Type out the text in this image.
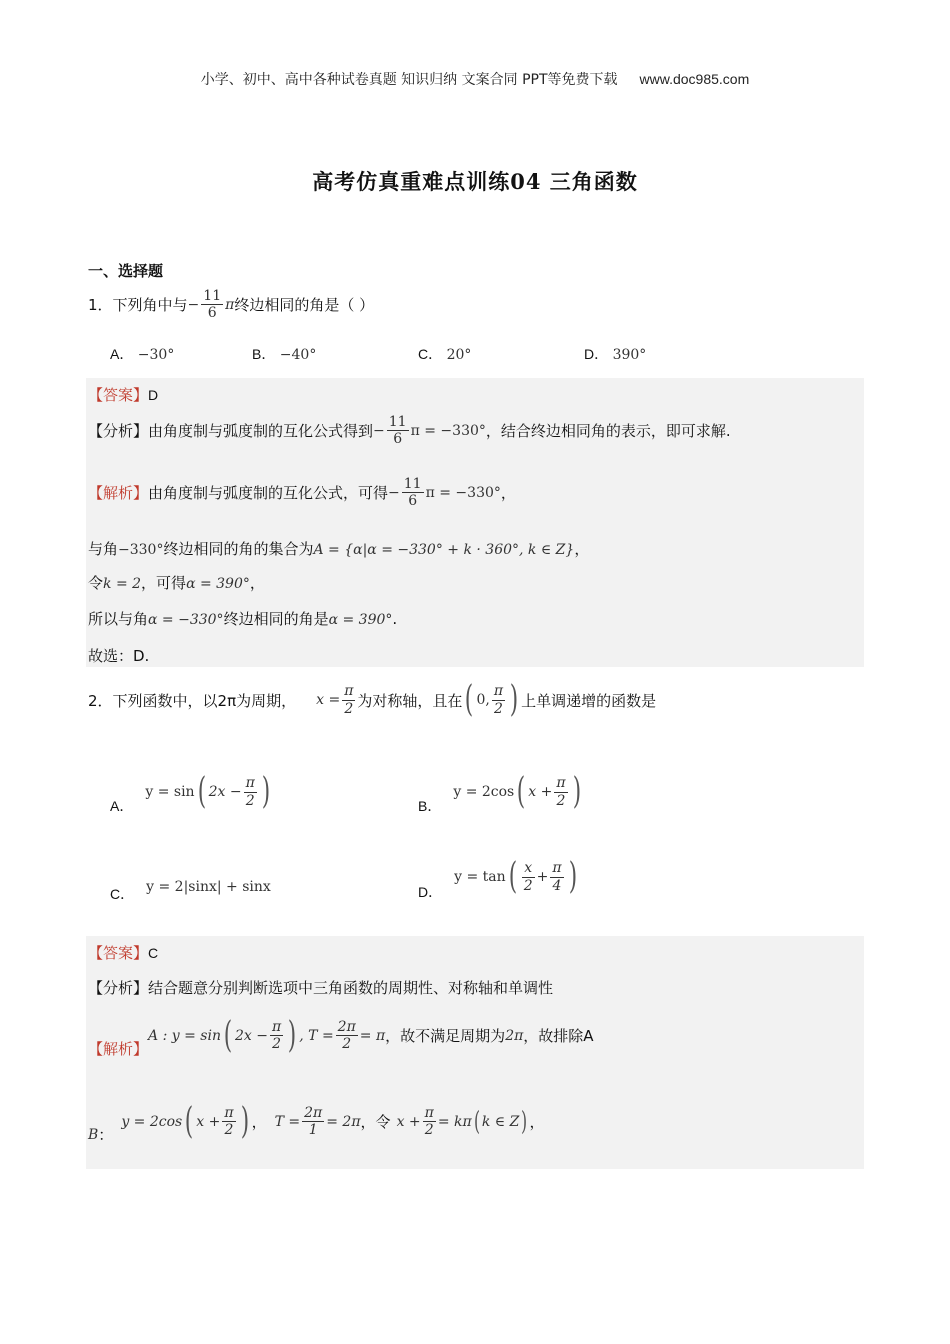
小学、初中、高中各种试卷真题 知识归纳 文案合同 PPT等免费下载 www.doc985.com
高考仿真重难点训练04 三角函数
一、选择题
1．下列角中与 − $\frac{11}{6}$ π 终边相同的角是（ ）
A． −30°	B． −40°	C． 20°	D． 390°
【答案】D
【分析】 由角度制与弧度制的互化公式得到 − $\frac{11}{6}$ π = −330° ，结合终边相同角的表示，即可求解.
【解析】 由角度制与弧度制的互化公式，可得 − $\frac{11}{6}$ π = −330° ，
与角−330°终边相同的角的集合为A = {α|α = −330° + k · 360°, k ∈ Z}，
令k = 2，可得α = 390°，
所以与角α = −330°终边相同的角是α = 390°.
故选：D.
2．下列函数中，以2π为周期， $x = \frac{\pi}{2}$ 为对称轴，且在 ( 0, $\frac{\pi}{2}$ ) 上单调递增的函数是
A．
y = sin ( $2x - \frac{\pi}{2}$ )	B．
y = 2cos ( $x + \frac{\pi}{2}$ )
C． y = 2|sinx| + sinx	D．
y = tan ( $\frac{x}{2} + \frac{\pi}{4}$ )
【答案】C
【分析】结合题意分别判断选项中三角函数的周期性、对称轴和单调性
【解析】
A : y = sin ( $2x - \frac{\pi}{2}$ ) , $T = \frac{2\pi}{2} = \pi$ ，故不满足周期为 2π ，故排除A
B ：
y = 2cos ( $x + \frac{\pi}{2}$ ) ， $T = \frac{2\pi}{1} = 2\pi$ ，令 $x + \frac{\pi}{2} = k\pi$ ( k ∈ Z ) ，
